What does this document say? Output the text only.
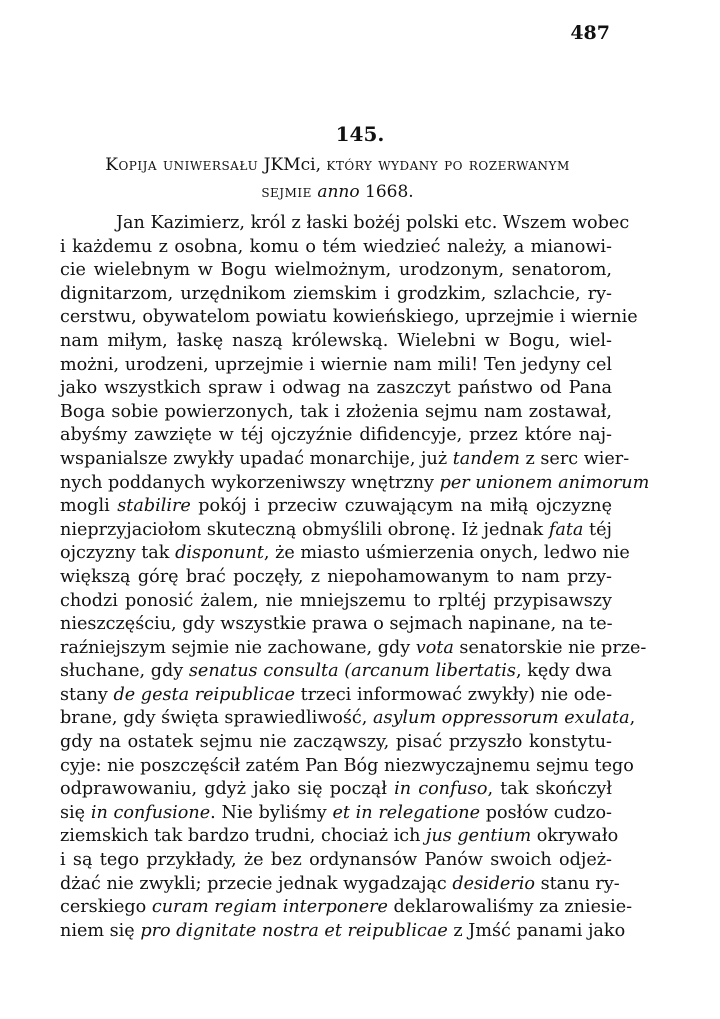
487
145.
Kopija uniwersału JKMci, który wydany po rozerwanym
sejmie anno 1668.
Jan Kazimierz, król z łaski bożéj polski etc. Wszem wobec
i każdemu z osobna, komu o tém wiedzieć należy, a mianowi-
cie wielebnym w Bogu wielmożnym, urodzonym, senatorom,
dignitarzom, urzędnikom ziemskim i grodzkim, szlachcie, ry-
cerstwu, obywatelom powiatu kowieńskiego, uprzejmie i wiernie
nam miłym, łaskę naszą królewską. Wielebni w Bogu, wiel-
możni, urodzeni, uprzejmie i wiernie nam mili! Ten jedyny cel
jako wszystkich spraw i odwag na zaszczyt państwo od Pana
Boga sobie powierzonych, tak i złożenia sejmu nam zostawał,
abyśmy zawzięte w téj ojczyźnie difidencyje, przez które naj-
wspanialsze zwykły upadać monarchije, już tandem z serc wier-
nych poddanych wykorzeniwszy wnętrzny per unionem animorum
mogli stabilire pokój i przeciw czuwającym na miłą ojczyznę
nieprzyjaciołom skuteczną obmyślili obronę. Iż jednak fata téj
ojczyzny tak disponunt, że miasto uśmierzenia onych, ledwo nie
większą górę brać poczęły, z niepohamowanym to nam przy-
chodzi ponosić żalem, nie mniejszemu to rpltéj przypisawszy
nieszczęściu, gdy wszystkie prawa o sejmach napinane, na te-
raźniejszym sejmie nie zachowane, gdy vota senatorskie nie prze-
słuchane, gdy senatus consulta (arcanum libertatis, kędy dwa
stany de gesta reipublicae trzeci informować zwykły) nie ode-
brane, gdy święta sprawiedliwość, asylum oppressorum exulata,
gdy na ostatek sejmu nie zacząwszy, pisać przyszło konstytu-
cyje: nie poszczęścił zatém Pan Bóg niezwyczajnemu sejmu tego
odprawowaniu, gdyż jako się począł in confuso, tak skończył
się in confusione. Nie byliśmy et in relegatione posłów cudzo-
ziemskich tak bardzo trudni, chociaż ich jus gentium okrywało
i są tego przykłady, że bez ordynansów Panów swoich odjeż-
dżać nie zwykli; przecie jednak wygadzając desiderio stanu ry-
cerskiego curam regiam interponere deklarowaliśmy za zniesie-
niem się pro dignitate nostra et reipublicae z Jmść panami jako
